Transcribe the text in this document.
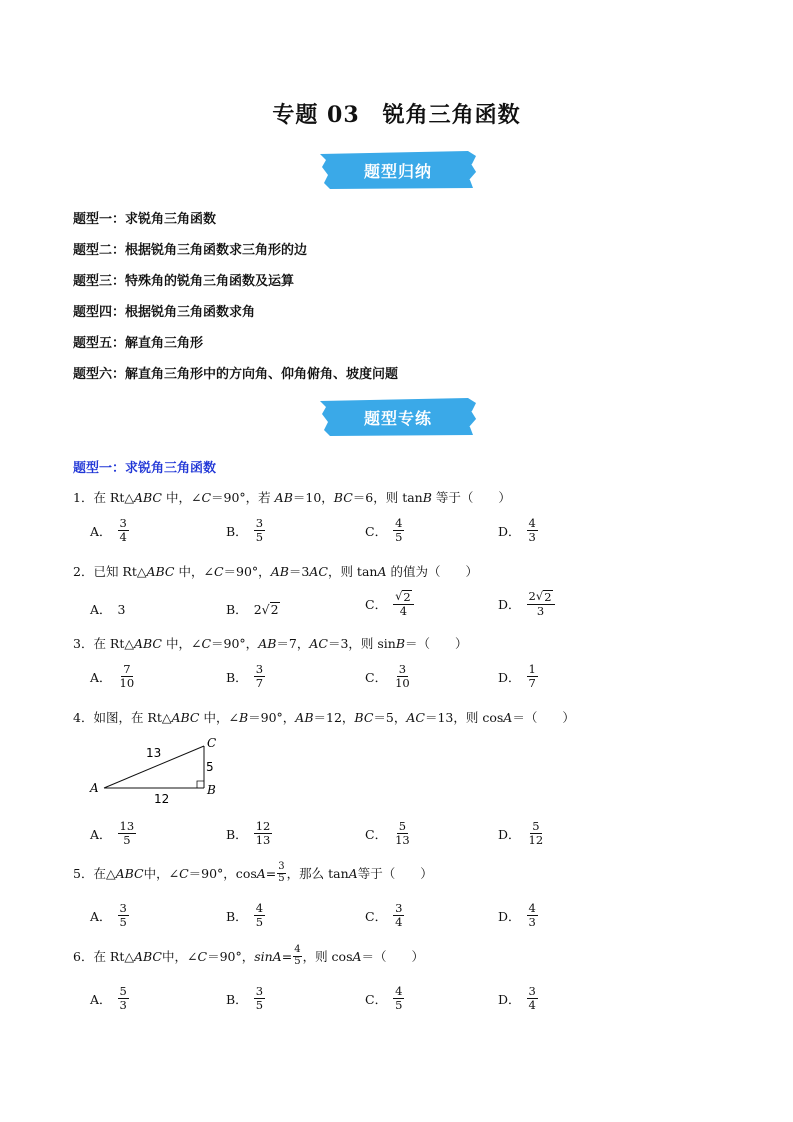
专题 03　锐角三角函数
题型归纳
题型一：求锐角三角函数
题型二：根据锐角三角函数求三角形的边
题型三：特殊角的锐角三角函数及运算
题型四：根据锐角三角函数求角
题型五：解直角三角形
题型六：解直角三角形中的方向角、仰角俯角、坡度问题
题型专练
题型一：求锐角三角函数
1．在 Rt△ABC 中，∠C＝90°，若 AB＝10，BC＝6，则 tanB 等于（　　）
A． $\frac{3}{4}$	B． $\frac{3}{5}$	C． $\frac{4}{5}$	D． $\frac{4}{3}$
2．已知 Rt△ABC 中，∠C＝90°，AB＝3AC，则 tanA 的值为（　　）
A． 3	B． 2 √ 2	C． $\frac{√ 2}{4}$	D． $\frac{2 √ 2}{3}$
3．在 Rt△ABC 中，∠C＝90°，AB＝7，AC＝3，则 sinB＝（　　）
A． $\frac{7}{10}$	B． $\frac{3}{7}$	C． $\frac{3}{10}$	D． $\frac{1}{7}$
4．如图，在 Rt△ABC 中，∠B＝90°，AB＝12，BC＝5，AC＝13，则 cosA＝（　　）
A	B
C
13
5
12
A． $\frac{13}{5}$	B． $\frac{12}{13}$	C． $\frac{5}{13}$	D． $\frac{5}{12}$
5．在△ ABC 中，∠ C ＝90°，$\cos A = \frac{3}{5}$ ，那么 tan A 等于（　　）
A． $\frac{3}{5}$	B． $\frac{4}{5}$	C． $\frac{3}{4}$	D． $\frac{4}{3}$
6．在 Rt△ ABC 中，∠ C ＝90°， $\sin A = \frac{4}{5}$ ，则 cos A ＝（　　）
A． $\frac{5}{3}$	B． $\frac{3}{5}$	C． $\frac{4}{5}$	D． $\frac{3}{4}$
